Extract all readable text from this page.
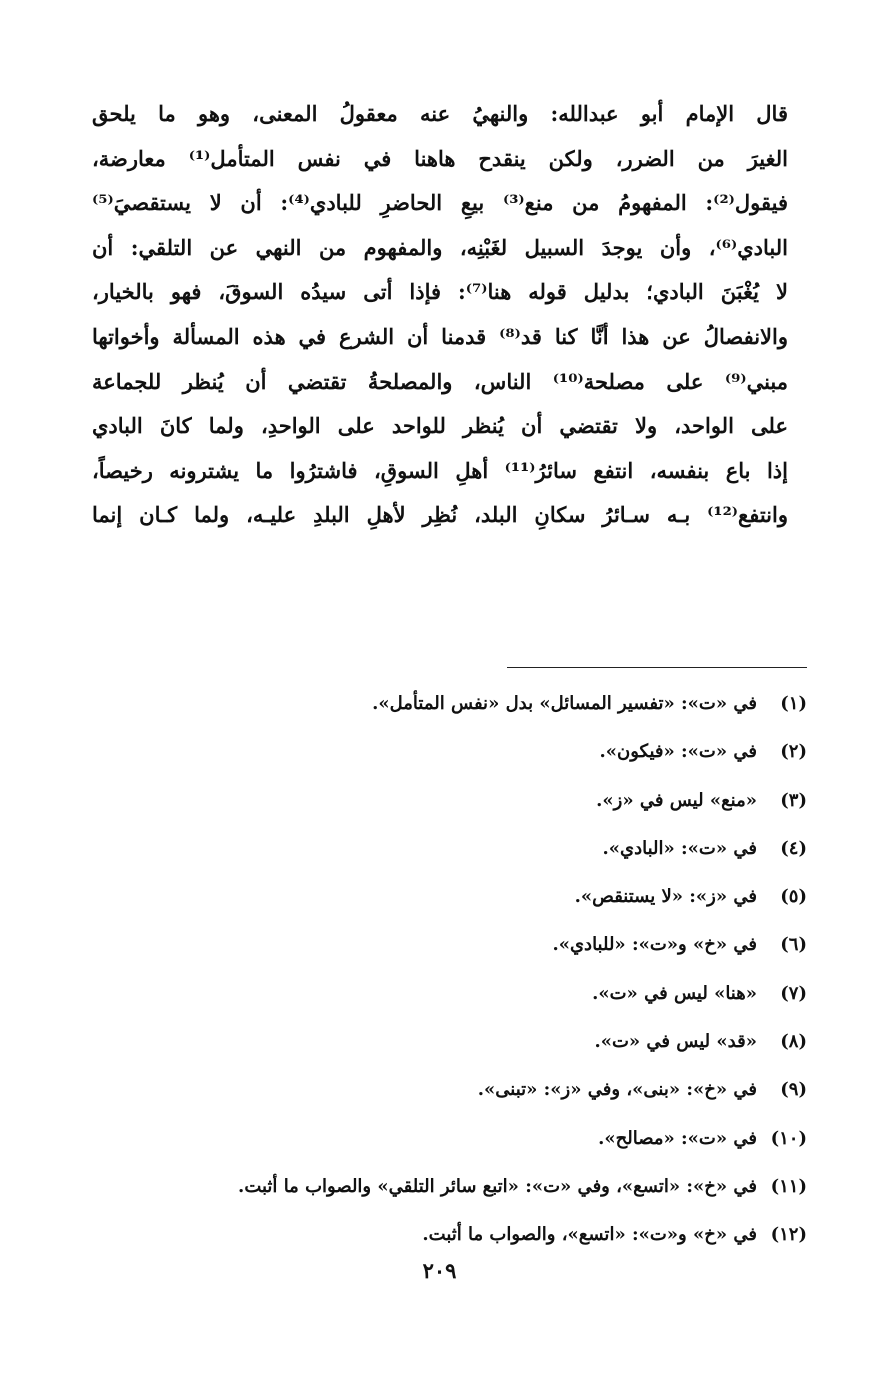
قال الإمام أبو عبدالله: والنهيُ عنه معقولُ المعنى، وهو ما يلحق
الغيرَ من الضرر، ولكن ينقدح هاهنا في نفس المتأمل⁽¹⁾ معارضة،
فيقول⁽²⁾: المفهومُ من منع⁽³⁾ بيعِ الحاضرِ للبادي⁽⁴⁾: أن لا يستقصيَ⁽⁵⁾
البادي⁽⁶⁾، وأن يوجدَ السبيل لغَبْنِه، والمفهوم من النهي عن التلقي: أن
لا يُغْبَنَ البادي؛ بدليل قوله هنا⁽⁷⁾: فإذا أتى سيدُه السوقَ، فهو بالخيار،
والانفصالُ عن هذا أنَّا كنا قد⁽⁸⁾ قدمنا أن الشرع في هذه المسألة وأخواتها
مبني⁽⁹⁾ على مصلحة⁽¹⁰⁾ الناس، والمصلحةُ تقتضي أن يُنظر للجماعة
على الواحد، ولا تقتضي أن يُنظر للواحد على الواحدِ، ولما كانَ البادي
إذا باع بنفسه، انتفع سائرُ⁽¹¹⁾ أهلِ السوقِ، فاشترُوا ما يشترونه رخيصاً،
وانتفع⁽¹²⁾ بـه سـائرُ سكانِ البلد، نُظِر لأهلِ البلدِ عليـه، ولما كـان إنما
(١)
في «ت»: «تفسير المسائل» بدل «نفس المتأمل».
(٢)
في «ت»: «فيكون».
(٣)
«منع» ليس في «ز».
(٤)
في «ت»: «البادي».
(٥)
في «ز»: «لا يستنقص».
(٦)
في «خ» و«ت»: «للبادي».
(٧)
«هنا» ليس في «ت».
(٨)
«قد» ليس في «ت».
(٩)
في «خ»: «بنى»، وفي «ز»: «تبنى».
(١٠)
في «ت»: «مصالح».
(١١)
في «خ»: «اتسع»، وفي «ت»: «اتبع سائر التلقي» والصواب ما أثبت.
(١٢)
في «خ» و«ت»: «اتسع»، والصواب ما أثبت.
٢٠٩
